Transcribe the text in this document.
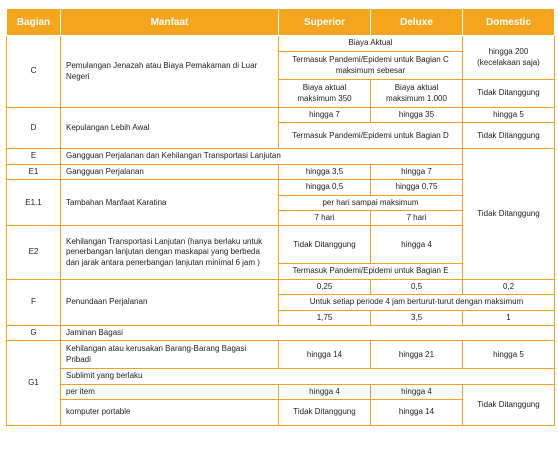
Bagian	Manfaat	Superior	Deluxe	Domestic
C	Pemulangan Jenazah atau Biaya Pemakaman di Luar Negeri	Biaya Aktual		hingga 200 (kecelakaan saja)
		Termasuk Pandemi/Epidemi untuk Bagian C maksimum sebesar		
		Biaya aktual maksimum 350	Biaya aktual maksimum 1.000	Tidak Ditanggung
D	Kepulangan Lebih Awal	hingga 7	hingga 35	hingga 5
		Termasuk Pandemi/Epidemi untuk Bagian D		Tidak Ditanggung
E	Gangguan Perjalanan dan Kehilangan Transportasi Lanjutan			Tidak Ditanggung
E1	Gangguan Perjalanan	hingga 3,5	hingga 7	
E1.1	Tambahan Manfaat Karatina	hingga 0,5	hingga 0,75	
		per hari sampai maksimum		
		7 hari	7 hari	
E2	Kehilangan Transportasi Lanjutan (hanya berlaku untuk penerbangan lanjutan dengan maskapai yang berbeda dan jarak antara penerbangan lanjutan minimal 6 jam )	Tidak Ditanggung	hingga 4	
		Termasuk Pandemi/Epidemi untuk Bagian E		
F	Penundaan Perjalanan	0,25	0,5	0,2
		Untuk setiap periode 4 jam berturut-turut dengan maksimum		
		1,75	3,5	1
G	Jaminan Bagasi			
G1	Kehilangan atau kerusakan Barang-Barang Bagasi Pribadi	hingga 14	hingga 21	hingga 5
	Sublimit yang berlaku			
	per item	hingga 4	hingga 4	Tidak Ditanggung
	komputer portable	Tidak Ditanggung	hingga 14	
